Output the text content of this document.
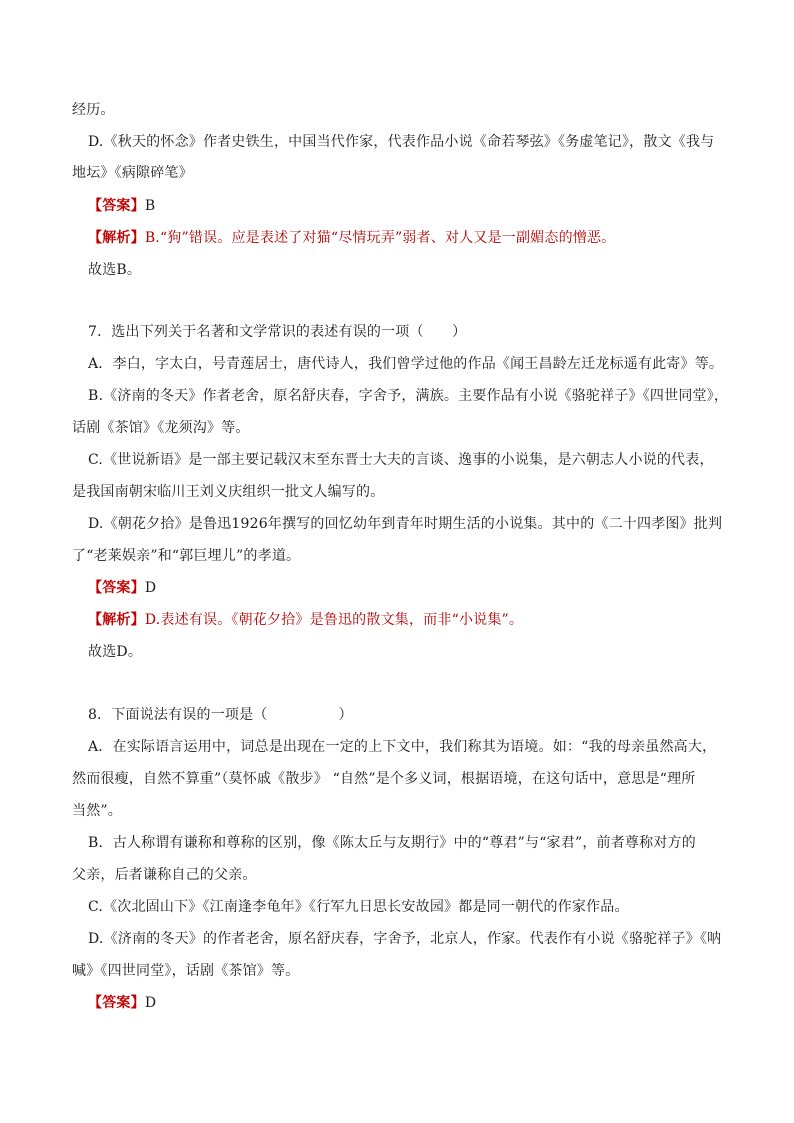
经历。
D.《秋天的怀念》作者史铁生，中国当代作家，代表作品小说《命若琴弦》《务虚笔记》，散文《我与
地坛》《病隙碎笔》
【答案】B
【解析】B.“狗”错误。应是表述了对猫“尽情玩弄”弱者、对人又是一副媚态的憎恶。
故选B。
7．选出下列关于名著和文学常识的表述有误的一项（　　）
A．李白，字太白，号青莲居士，唐代诗人，我们曾学过他的作品《闻王昌龄左迁龙标遥有此寄》等。
B.《济南的冬天》作者老舍，原名舒庆春，字舍予，满族。主要作品有小说《骆驼祥子》《四世同堂》，
话剧《茶馆》《龙须沟》等。
C.《世说新语》是一部主要记载汉末至东晋士大夫的言谈、逸事的小说集，是六朝志人小说的代表，
是我国南朝宋临川王刘义庆组织一批文人编写的。
D.《朝花夕拾》是鲁迅1926年撰写的回忆幼年到青年时期生活的小说集。其中的《二十四孝图》批判
了“老莱娱亲”和“郭巨埋儿”的孝道。
【答案】D
【解析】D.表述有误。《朝花夕拾》是鲁迅的散文集，而非“小说集”。
故选D。
8．下面说法有误的一项是（　　　　　）
A．在实际语言运用中，词总是出现在一定的上下文中，我们称其为语境。如：“我的母亲虽然高大，
然而很瘦，自然不算重”（莫怀戚《散步》 “自然”是个多义词，根据语境，在这句话中，意思是“理所
当然”。
B．古人称谓有谦称和尊称的区别，像《陈太丘与友期行》中的“尊君”与“家君”，前者尊称对方的
父亲，后者谦称自己的父亲。
C.《次北固山下》《江南逢李龟年》《行军九日思长安故园》都是同一朝代的作家作品。
D.《济南的冬天》的作者老舍，原名舒庆春，字舍予，北京人，作家。代表作有小说《骆驼祥子》《呐
喊》《四世同堂》，话剧《茶馆》等。
【答案】D
